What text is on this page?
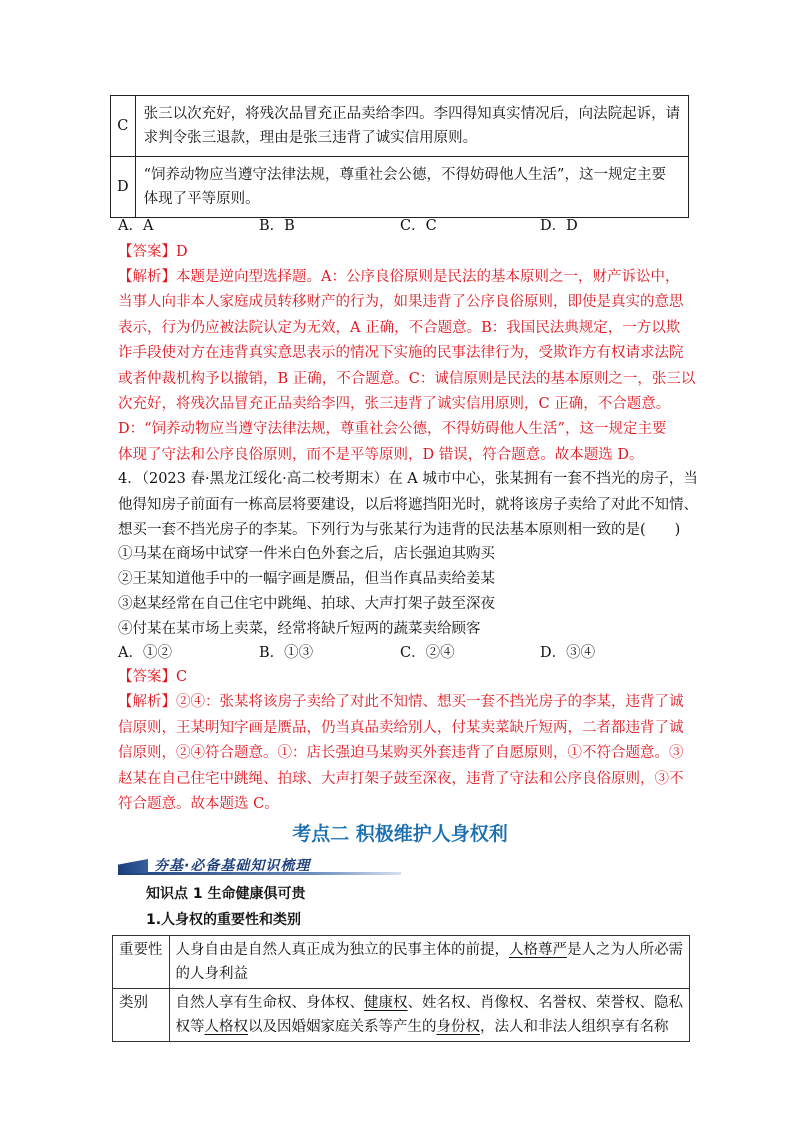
C	张三以次充好，将残次品冒充正品卖给李四。李四得知真实情况后，向法院起诉，请
求判令张三退款，理由是张三违背了诚实信用原则。

D	“饲养动物应当遵守法律法规，尊重社会公德，不得妨碍他人生活”，这一规定主要
体现了平等原则。
A．A	B．B	C．C	D．D
【答案】D
【解析】本题是逆向型选择题。A：公序良俗原则是民法的基本原则之一，财产诉讼中，
当事人向非本人家庭成员转移财产的行为，如果违背了公序良俗原则，即使是真实的意思
表示，行为仍应被法院认定为无效，A 正确，不合题意。B：我国民法典规定，一方以欺
诈手段使对方在违背真实意思表示的情况下实施的民事法律行为，受欺诈方有权请求法院
或者仲裁机构予以撤销，B 正确，不合题意。C：诚信原则是民法的基本原则之一，张三以
次充好，将残次品冒充正品卖给李四，张三违背了诚实信用原则，C 正确，不合题意。
D：“饲养动物应当遵守法律法规，尊重社会公德，不得妨碍他人生活”，这一规定主要
体现了守法和公序良俗原则，而不是平等原则，D 错误，符合题意。故本题选 D。
4．（2023 春·黑龙江绥化·高二校考期末）在 A 城市中心，张某拥有一套不挡光的房子，当
他得知房子前面有一栋高层将要建设，以后将遮挡阳光时，就将该房子卖给了对此不知情、
想买一套不挡光房子的李某。下列行为与张某行为违背的民法基本原则相一致的是(　　)
①马某在商场中试穿一件米白色外套之后，店长强迫其购买
②王某知道他手中的一幅字画是赝品，但当作真品卖给姜某
③赵某经常在自己住宅中跳绳、拍球、大声打架子鼓至深夜
④付某在某市场上卖菜，经常将缺斤短两的蔬菜卖给顾客
A．①②	B．①③	C．②④	D．③④
【答案】C
【解析】②④：张某将该房子卖给了对此不知情、想买一套不挡光房子的李某，违背了诚
信原则，王某明知字画是赝品，仍当真品卖给别人，付某卖菜缺斤短两，二者都违背了诚
信原则，②④符合题意。①：店长强迫马某购买外套违背了自愿原则，①不符合题意。③
赵某在自己住宅中跳绳、拍球、大声打架子鼓至深夜，违背了守法和公序良俗原则，③不
符合题意。故本题选 C。
考点二 积极维护人身权利
夯基·必备基础知识梳理
知识点 1 生命健康俱可贵
1.人身权的重要性和类别
重要性	人身自由是自然人真正成为独立的民事主体的前提，人格尊严是人之为人所必需
的人身利益

类别	自然人享有生命权、身体权、健康权、姓名权、肖像权、名誉权、荣誉权、隐私
权等人格权以及因婚姻家庭关系等产生的身份权，法人和非法人组织享有名称
